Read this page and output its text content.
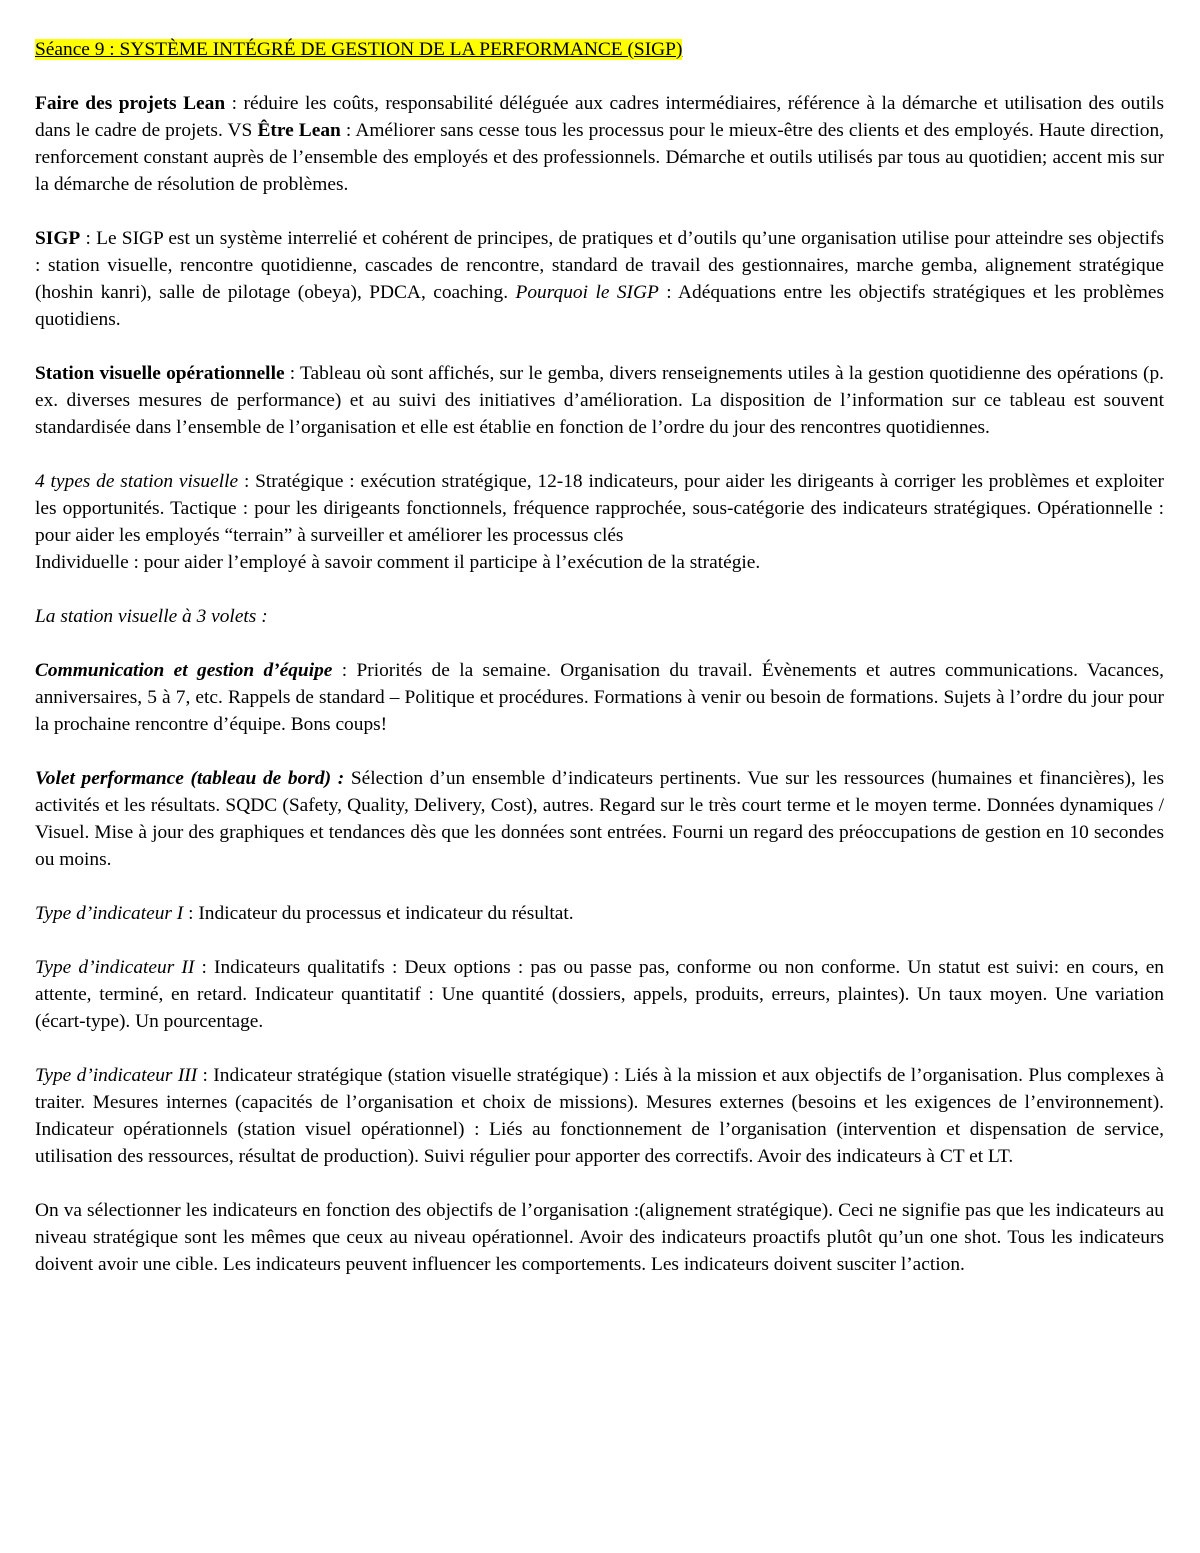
Séance 9 : SYSTÈME INTÉGRÉ DE GESTION DE LA PERFORMANCE (SIGP)

Faire des projets Lean : réduire les coûts, responsabilité déléguée aux cadres intermédiaires, référence à la démarche et utilisation des outils dans le cadre de projets. VS Être Lean : Améliorer sans cesse tous les processus pour le mieux-être des clients et des employés. Haute direction, renforcement constant auprès de l’ensemble des employés et des professionnels. Démarche et outils utilisés par tous au quotidien; accent mis sur la démarche de résolution de problèmes.

SIGP : Le SIGP est un système interrelié et cohérent de principes, de pratiques et d’outils qu’une organisation utilise pour atteindre ses objectifs : station visuelle, rencontre quotidienne, cascades de rencontre, standard de travail des gestionnaires, marche gemba, alignement stratégique (hoshin kanri), salle de pilotage (obeya), PDCA, coaching. Pourquoi le SIGP : Adéquations entre les objectifs stratégiques et les problèmes quotidiens.

Station visuelle opérationnelle : Tableau où sont affichés, sur le gemba, divers renseignements utiles à la gestion quotidienne des opérations (p. ex. diverses mesures de performance) et au suivi des initiatives d’amélioration. La disposition de l’information sur ce tableau est souvent standardisée dans l’ensemble de l’organisation et elle est établie en fonction de l’ordre du jour des rencontres quotidiennes.

4 types de station visuelle : Stratégique : exécution stratégique, 12-18 indicateurs, pour aider les dirigeants à corriger les problèmes et exploiter les opportunités. Tactique : pour les dirigeants fonctionnels, fréquence rapprochée, sous-catégorie des indicateurs stratégiques. Opérationnelle : pour aider les employés “terrain” à surveiller et améliorer les processus clés

Individuelle : pour aider l’employé à savoir comment il participe à l’exécution de la stratégie.

La station visuelle à 3 volets :

Communication et gestion d’équipe : Priorités de la semaine. Organisation du travail. Évènements et autres communications. Vacances, anniversaires, 5 à 7, etc. Rappels de standard – Politique et procédures. Formations à venir ou besoin de formations. Sujets à l’ordre du jour pour la prochaine rencontre d’équipe. Bons coups!

Volet performance (tableau de bord) : Sélection d’un ensemble d’indicateurs pertinents. Vue sur les ressources (humaines et financières), les activités et les résultats. SQDC (Safety, Quality, Delivery, Cost), autres. Regard sur le très court terme et le moyen terme. Données dynamiques / Visuel. Mise à jour des graphiques et tendances dès que les données sont entrées. Fourni un regard des préoccupations de gestion en 10 secondes ou moins.

Type d’indicateur I : Indicateur du processus et indicateur du résultat.

Type d’indicateur II : Indicateurs qualitatifs : Deux options : pas ou passe pas, conforme ou non conforme. Un statut est suivi: en cours, en attente, terminé, en retard. Indicateur quantitatif : Une quantité (dossiers, appels, produits, erreurs, plaintes). Un taux moyen. Une variation (écart-type). Un pourcentage.

Type d’indicateur III : Indicateur stratégique (station visuelle stratégique) : Liés à la mission et aux objectifs de l’organisation. Plus complexes à traiter. Mesures internes (capacités de l’organisation et choix de missions). Mesures externes (besoins et les exigences de l’environnement). Indicateur opérationnels (station visuel opérationnel) : Liés au fonctionnement de l’organisation (intervention et dispensation de service, utilisation des ressources, résultat de production). Suivi régulier pour apporter des correctifs. Avoir des indicateurs à CT et LT.

On va sélectionner les indicateurs en fonction des objectifs de l’organisation :(alignement stratégique). Ceci ne signifie pas que les indicateurs au niveau stratégique sont les mêmes que ceux au niveau opérationnel. Avoir des indicateurs proactifs plutôt qu’un one shot. Tous les indicateurs doivent avoir une cible. Les indicateurs peuvent influencer les comportements. Les indicateurs doivent susciter l’action.
